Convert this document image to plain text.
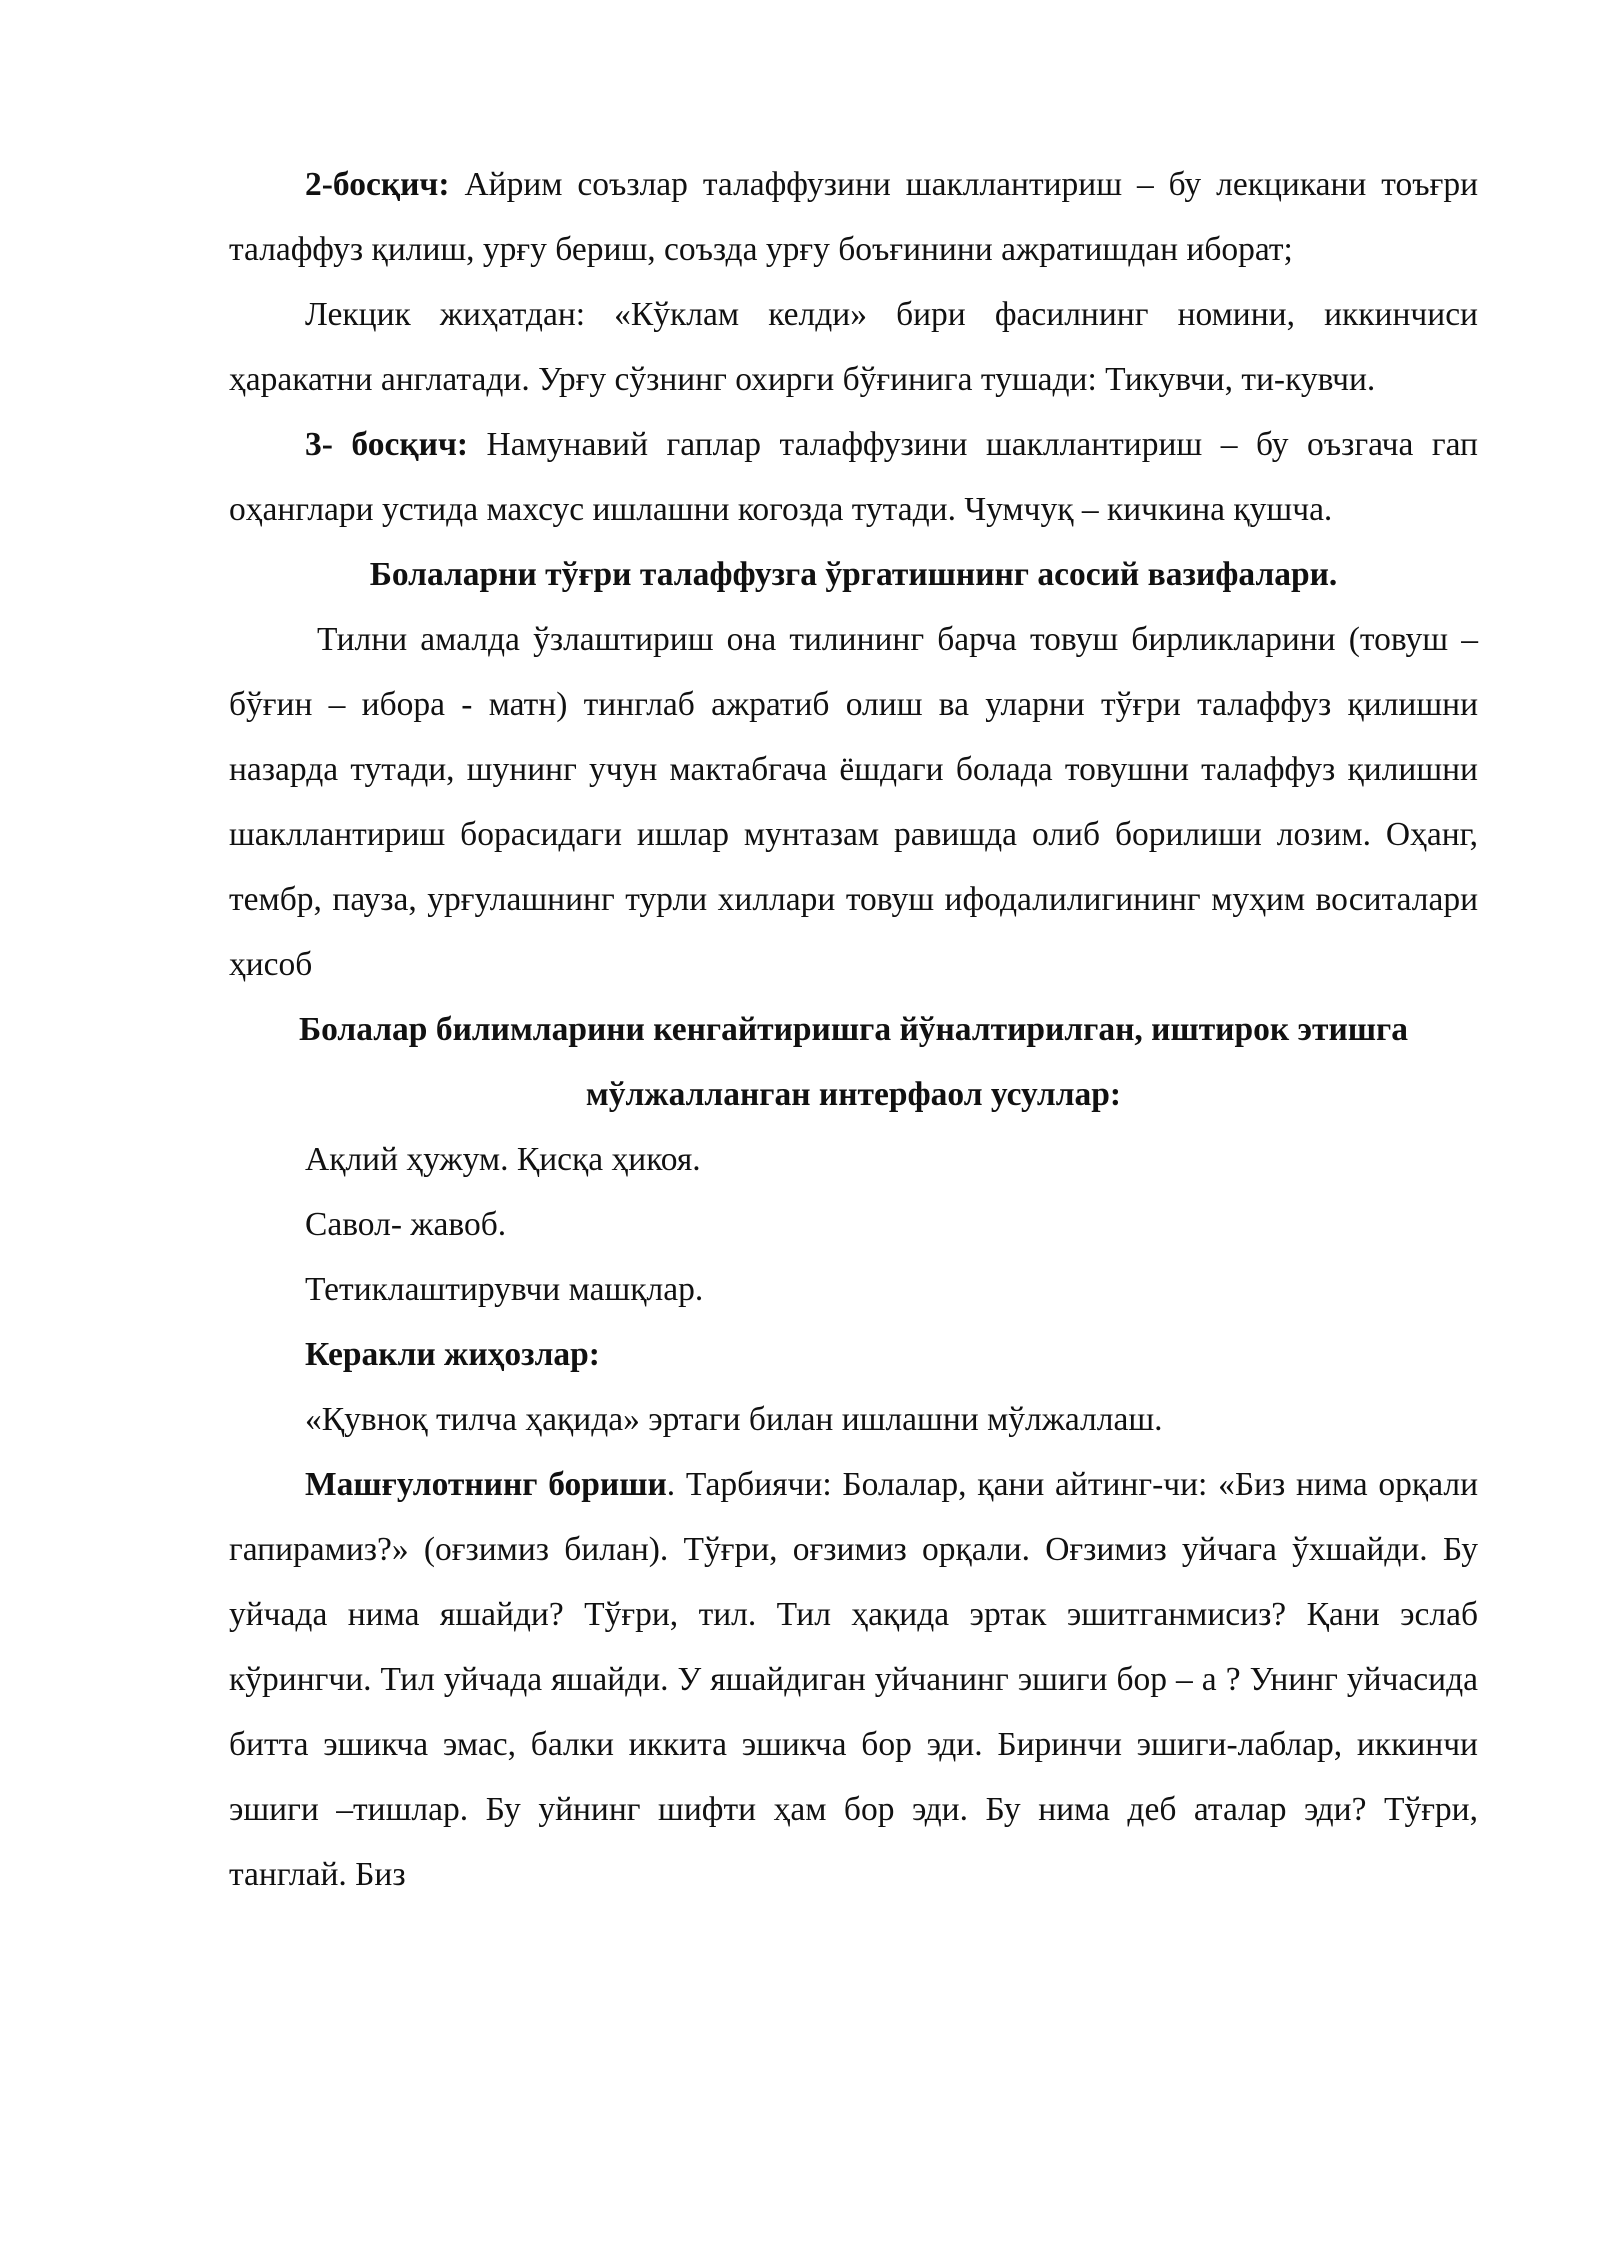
2-босқич: Айрим соъзлар талаффузини шакллантириш – бу лекцикани тоъғри талаффуз қилиш, урғу бериш, соъзда урғу боъғинини ажратишдан иборат;

Лекцик жиҳатдан: «Кўклам келди» бири фасилнинг номини, иккинчиси ҳаракатни англатади. Урғу сўзнинг охирги бўғинига тушади: Тикувчи, ти-кувчи.

3- босқич: Намунавий гаплар талаффузини шакллантириш – бу оъзгача гап оҳанглари устида махсус ишлашни когозда тутади. Чумчуқ – кичкина қушча.

Болаларни тўғри талаффузга ўргатишнинг асосий вазифалари.

Тилни амалда ўзлаштириш она тилининг барча товуш бирликларини (товуш – бўғин – ибора - матн) тинглаб ажратиб олиш ва уларни тўғри талаффуз қилишни назарда тутади, шунинг учун мактабгача ёшдаги болада товушни талаффуз қилишни шакллантириш борасидаги ишлар мунтазам равишда олиб борилиши лозим. Оҳанг, тембр, пауза, урғулашнинг турли хиллари товуш ифодалилигининг муҳим воситалари ҳисоб

Болалар билимларини кенгайтиришга йўналтирилган, иштирок этишга
мўлжалланган интерфаол усуллар:

Ақлий ҳужум. Қисқа ҳикоя.

Савол- жавоб.

Тетиклаштирувчи машқлар.

Керакли жиҳозлар:

«Қувноқ тилча ҳақида» эртаги билан ишлашни мўлжаллаш.

Машғулотнинг бориши. Тарбиячи: Болалар, қани айтинг-чи: «Биз нима орқали гапирамиз?» (оғзимиз билан). Тўғри, оғзимиз орқали. Оғзимиз уйчага ўхшайди. Бу уйчада нима яшайди? Тўғри, тил. Тил ҳақида эртак эшитганмисиз? Қани эслаб кўрингчи. Тил уйчада яшайди. У яшайдиган уйчанинг эшиги бор – а ? Унинг уйчасида битта эшикча эмас, балки иккита эшикча бор эди. Биринчи эшиги-лаблар, иккинчи эшиги –тишлар. Бу уйнинг шифти ҳам бор эди. Бу нима деб аталар эди? Тўғри, танглай. Биз
